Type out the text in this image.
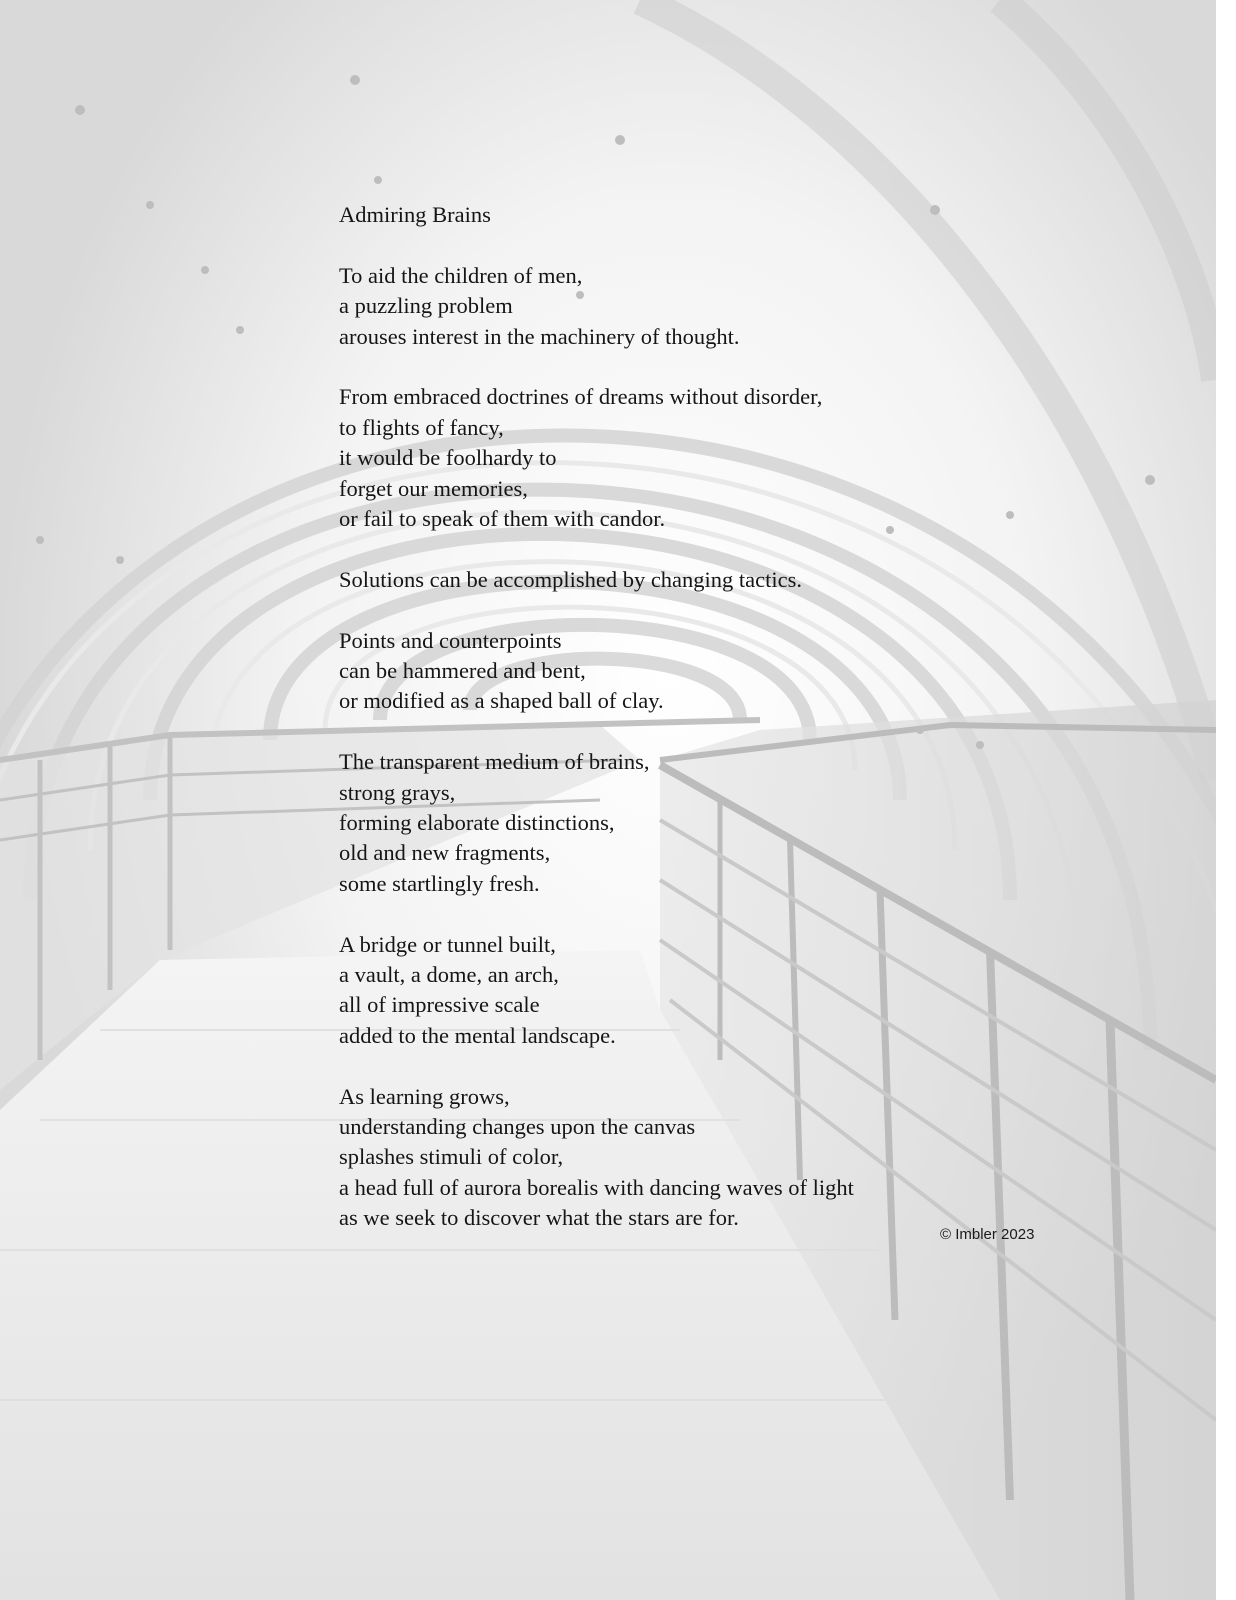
Admiring Brains
To aid the children of men,
a puzzling problem
arouses interest in the machinery of thought.
From embraced doctrines of dreams without disorder,
to flights of fancy,
it would be foolhardy to
forget our memories,
or fail to speak of them with candor.
Solutions can be accomplished by changing tactics.
Points and counterpoints
can be hammered and bent,
or modified as a shaped ball of clay.
The transparent medium of brains,
strong grays,
forming elaborate distinctions,
old and new fragments,
some startlingly fresh.
A bridge or tunnel built,
a vault, a dome, an arch,
all of impressive scale
added to the mental landscape.
As learning grows,
understanding changes upon the canvas
splashes stimuli of color,
a head full of aurora borealis with dancing waves of light
as we seek to discover what the stars are for.
© Imbler 2023
